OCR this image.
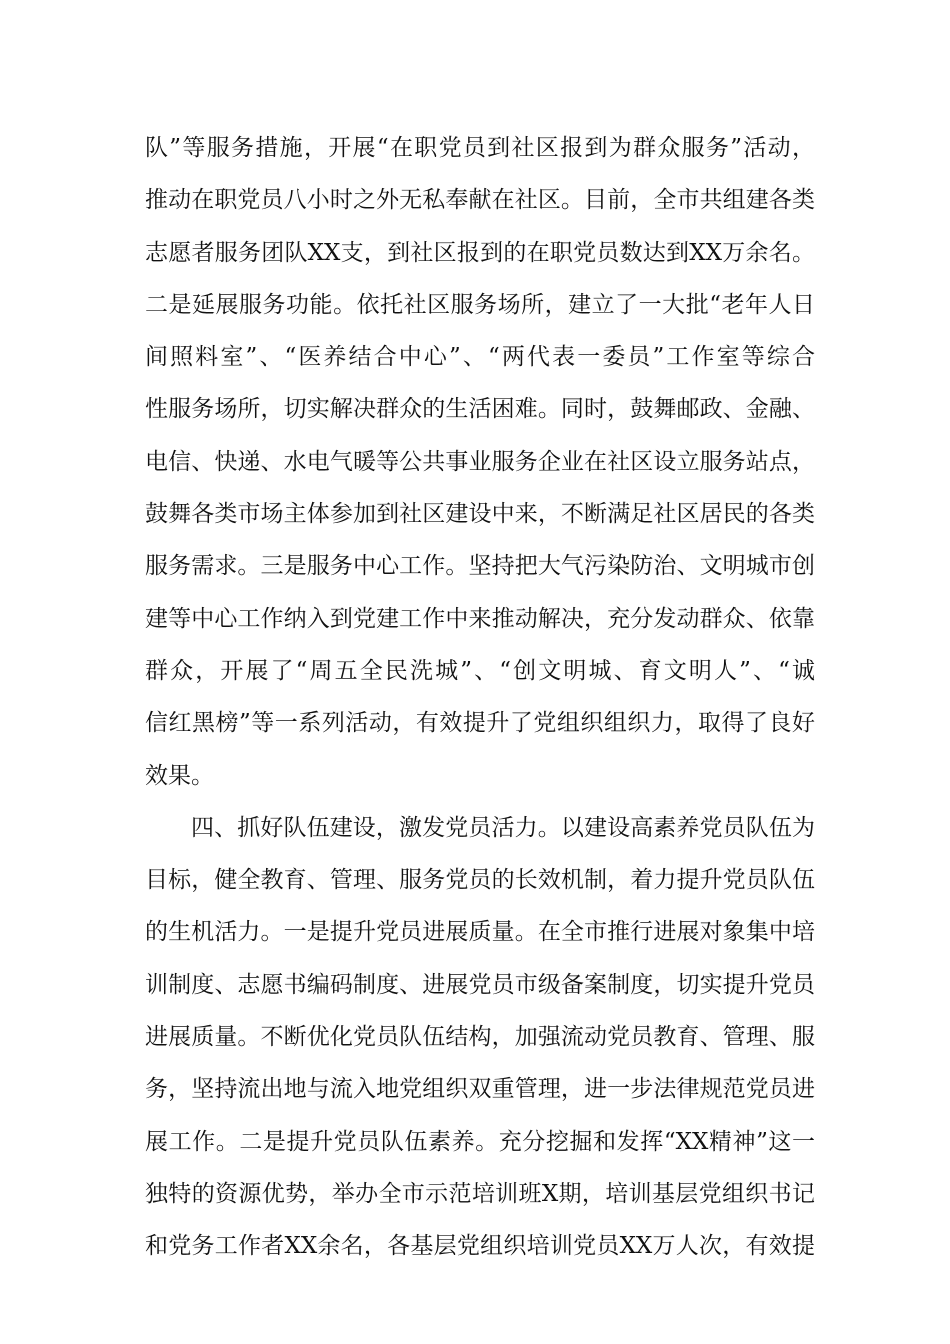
队”等服务措施，开展“在职党员到社区报到为群众服务”活动，
推动在职党员八小时之外无私奉献在社区。目前，全市共组建各类
志愿者服务团队XX支，到社区报到的在职党员数达到XX万余名。
二是延展服务功能。依托社区服务场所，建立了一大批“老年人日
间照料室”、“医养结合中心”、“两代表一委员”工作室等综合
性服务场所，切实解决群众的生活困难。同时，鼓舞邮政、金融、
电信、快递、水电气暖等公共事业服务企业在社区设立服务站点，
鼓舞各类市场主体参加到社区建设中来，不断满足社区居民的各类
服务需求。三是服务中心工作。坚持把大气污染防治、文明城市创
建等中心工作纳入到党建工作中来推动解决，充分发动群众、依靠
群众，开展了“周五全民洗城”、“创文明城、育文明人”、“诚
信红黑榜”等一系列活动，有效提升了党组织组织力，取得了良好
效果。
四、抓好队伍建设，激发党员活力。以建设高素养党员队伍为
目标，健全教育、管理、服务党员的长效机制，着力提升党员队伍
的生机活力。一是提升党员进展质量。在全市推行进展对象集中培
训制度、志愿书编码制度、进展党员市级备案制度，切实提升党员
进展质量。不断优化党员队伍结构，加强流动党员教育、管理、服
务，坚持流出地与流入地党组织双重管理，进一步法律规范党员进
展工作。二是提升党员队伍素养。充分挖掘和发挥“XX精神”这一
独特的资源优势，举办全市示范培训班X期，培训基层党组织书记
和党务工作者XX余名，各基层党组织培训党员XX万人次，有效提
